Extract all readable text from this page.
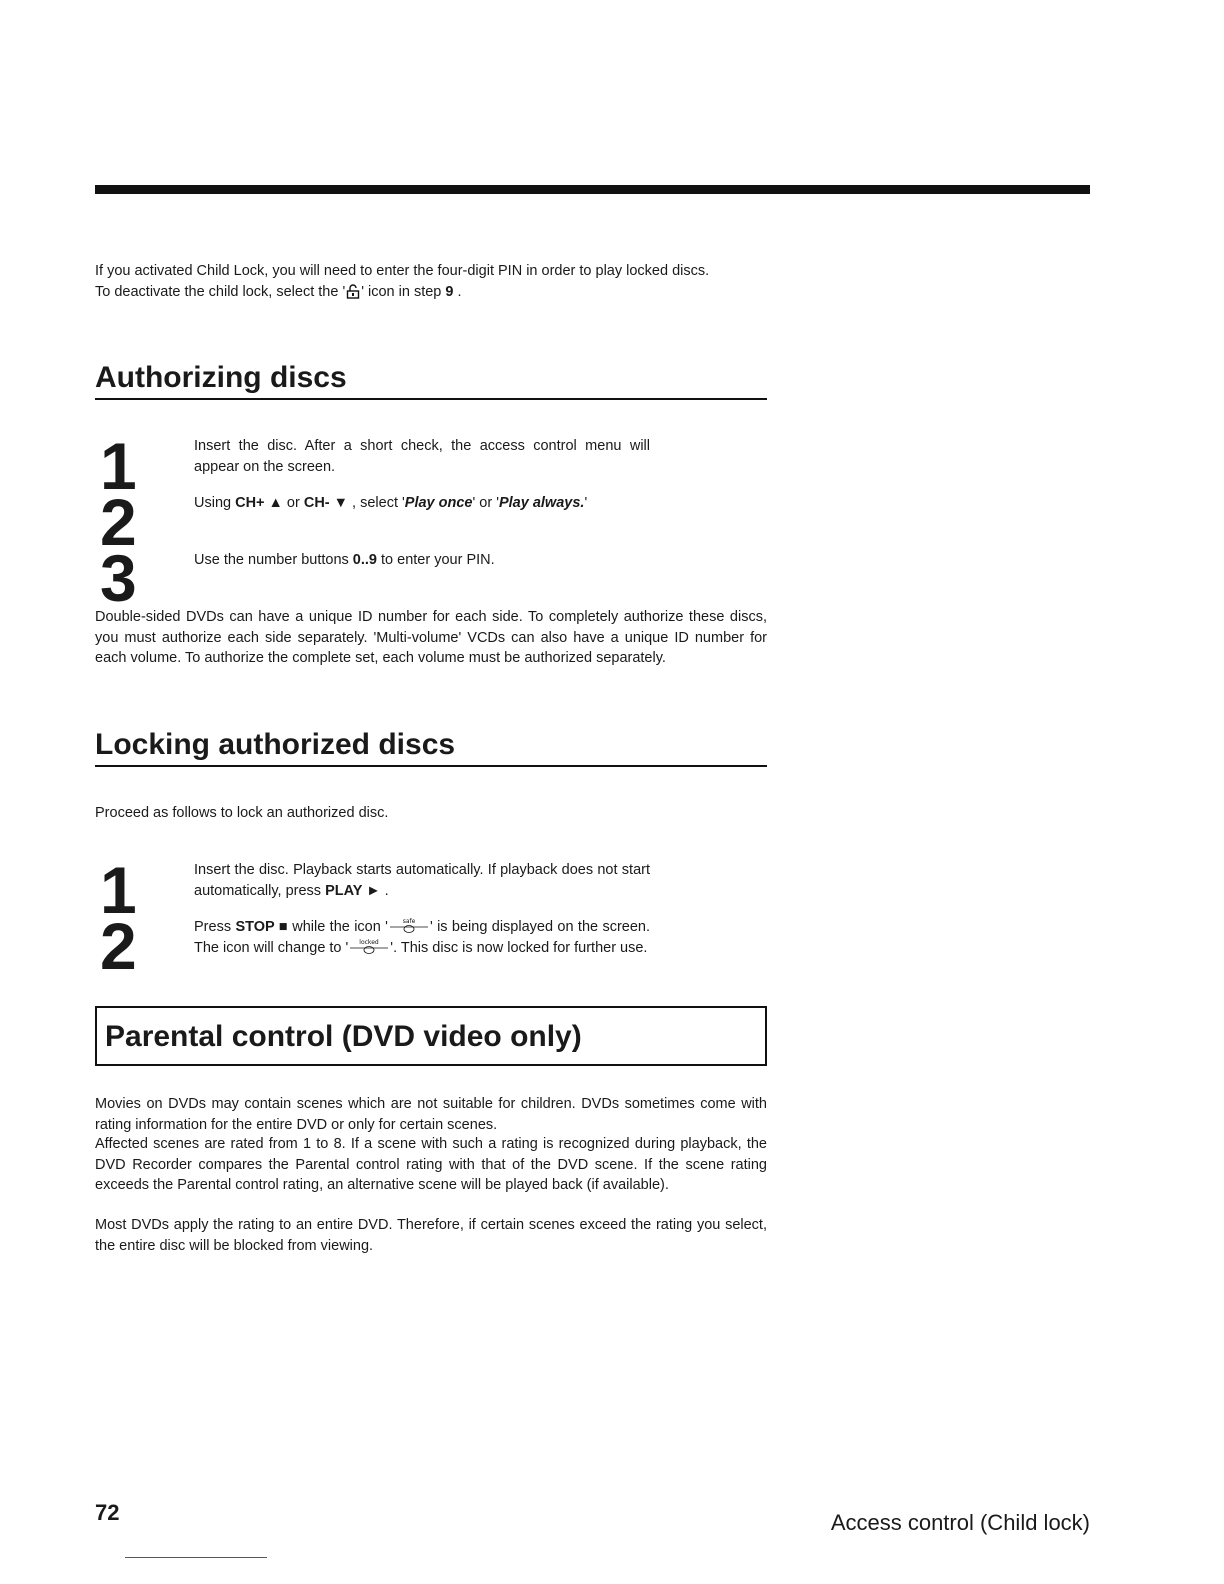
If you activated Child Lock, you will need to enter the four-digit PIN in order to play locked discs.

To deactivate the child lock, select the ' ' icon in step 9 .

Authorizing discs
1	Insert the disc. After a short check, the access control menu will appear on the screen.
2	Using CH+ ▲ or CH- ▼ , select 'Play once' or 'Play always.'
3	Use the number buttons 0..9 to enter your PIN.

Double-sided DVDs can have a unique ID number for each side. To completely authorize these discs, you must authorize each side separately. 'Multi-volume' VCDs can also have a unique ID number for each volume. To authorize the complete set, each volume must be authorized separately.

Locking authorized discs

Proceed as follows to lock an authorized disc.

1	Insert the disc. Playback starts automatically. If playback does not start automatically, press PLAY ► .
2	Press STOP ■ while the icon ' safe ' is being displayed on the screen. The icon will change to ' locked '. This disc is now locked for further use.
Parental control (DVD video only)

Movies on DVDs may contain scenes which are not suitable for children. DVDs sometimes come with rating information for the entire DVD or only for certain scenes.

Affected scenes are rated from 1 to 8. If a scene with such a rating is recognized during playback, the DVD Recorder compares the Parental control rating with that of the DVD scene. If the scene rating exceeds the Parental control rating, an alternative scene will be played back (if available).

Most DVDs apply the rating to an entire DVD. Therefore, if certain scenes exceed the rating you select, the entire disc will be blocked from viewing.

72	Access control (Child lock)
